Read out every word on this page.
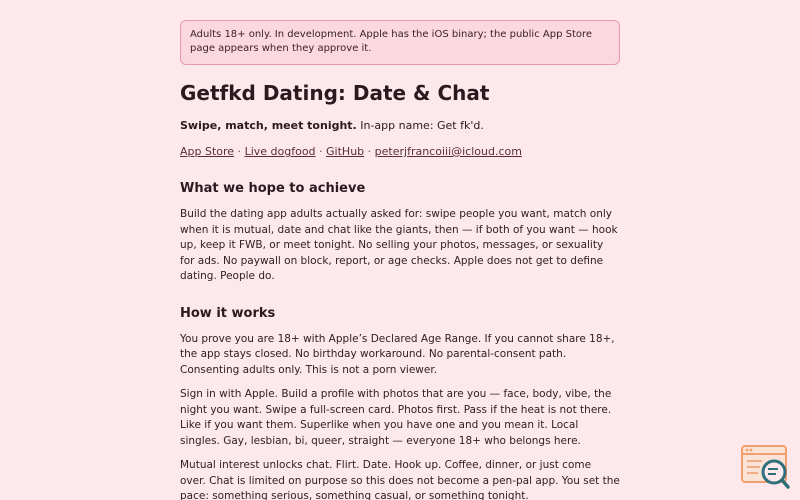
Adults 18+ only. In development. Apple has the iOS binary; the public App Store page appears when they approve it.
Getfkd Dating: Date & Chat

Swipe, match, meet tonight. In-app name: Get fk'd.

App Store · Live dogfood · GitHub · peterjfrancoiii@icloud.com

What we hope to achieve

Build the dating app adults actually asked for: swipe people you want, match only when it is mutual, date and chat like the giants, then — if both of you want — hook up, keep it FWB, or meet tonight. No selling your photos, messages, or sexuality for ads. No paywall on block, report, or age checks. Apple does not get to define dating. People do.

How it works

You prove you are 18+ with Apple’s Declared Age Range. If you cannot share 18+, the app stays closed. No birthday workaround. No parental-consent path. Consenting adults only. This is not a porn viewer.

Sign in with Apple. Build a profile with photos that are you — face, body, vibe, the night you want. Swipe a full-screen card. Photos first. Pass if the heat is not there. Like if you want them. Superlike when you have one and you mean it. Local singles. Gay, lesbian, bi, queer, straight — everyone 18+ who belongs here.

Mutual interest unlocks chat. Flirt. Date. Hook up. Coffee, dinner, or just come over. Chat is limited on purpose so this does not become a pen-pal app. You set the pace: something serious, something casual, or something tonight.
